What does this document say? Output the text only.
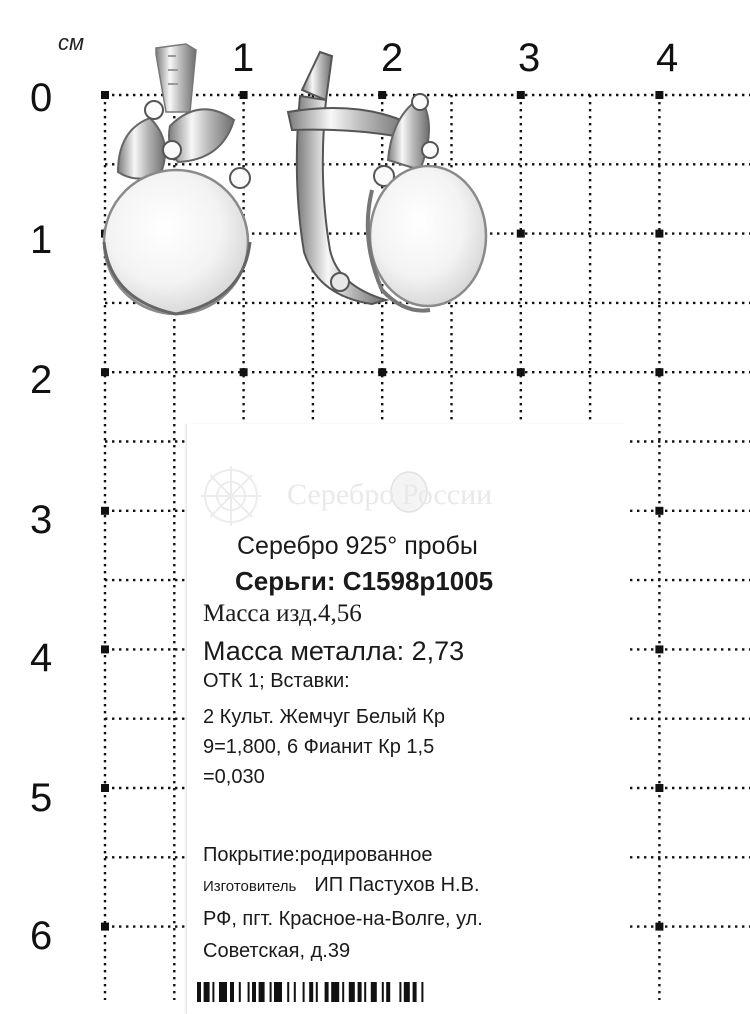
см	1	2	3	4
0
1
2
3
4
5
6
Серебро России
Серебро 925° пробы
Серьги: С1598р1005
Масса изд.4,56
Масса металла: 2,73
ОТК 1; Вставки:
2 Культ. Жемчуг Белый Кр
9=1,800, 6 Фианит Кр 1,5
=0,030
Покрытие:родированное
Изготовитель ИП Пастухов Н.В.
РФ, пгт. Красное-на-Волге, ул.
Советская, д.39
